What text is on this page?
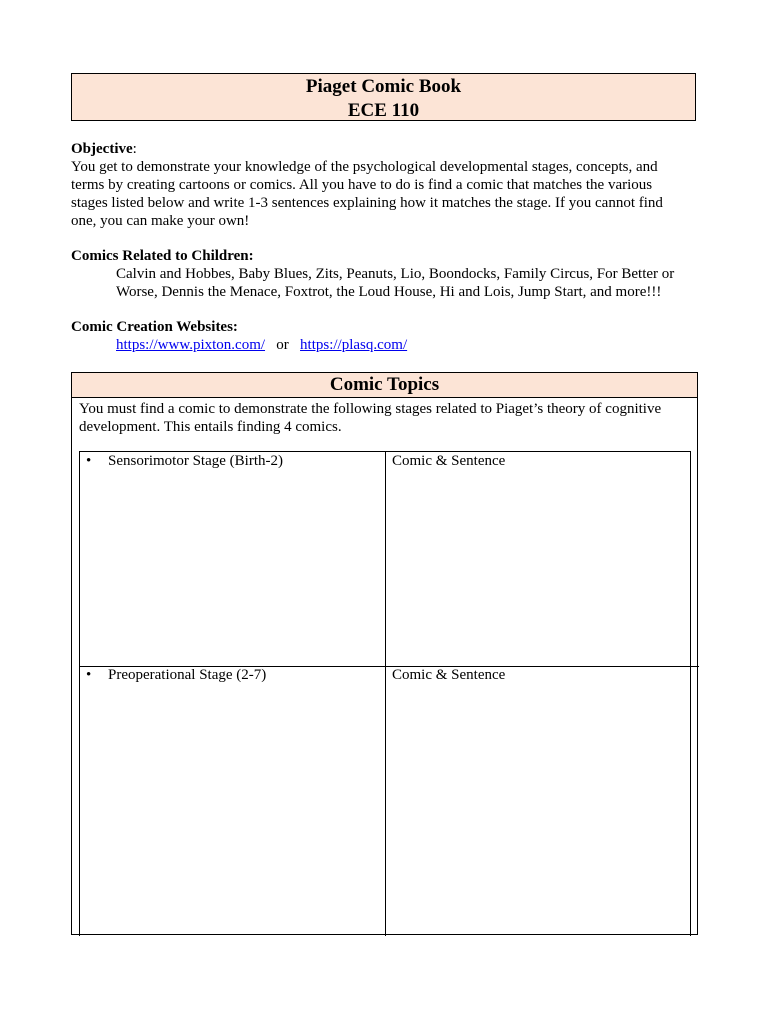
Piaget Comic Book
ECE 110
Objective:
You get to demonstrate your knowledge of the psychological developmental stages, concepts, and terms by creating cartoons or comics. All you have to do is find a comic that matches the various stages listed below and write 1-3 sentences explaining how it matches the stage. If you cannot find one, you can make your own!
Comics Related to Children:
Calvin and Hobbes, Baby Blues, Zits, Peanuts, Lio, Boondocks, Family Circus, For Better or Worse, Dennis the Menace, Foxtrot, the Loud House, Hi and Lois, Jump Start, and more!!!
Comic Creation Websites:
https://www.pixton.com/ or https://plasq.com/
Comic Topics
You must find a comic to demonstrate the following stages related to Piaget’s theory of cognitive development. This entails finding 4 comics.
• Sensorimotor Stage (Birth-2)	Comic & Sentence
• Preoperational Stage (2-7)	Comic & Sentence
